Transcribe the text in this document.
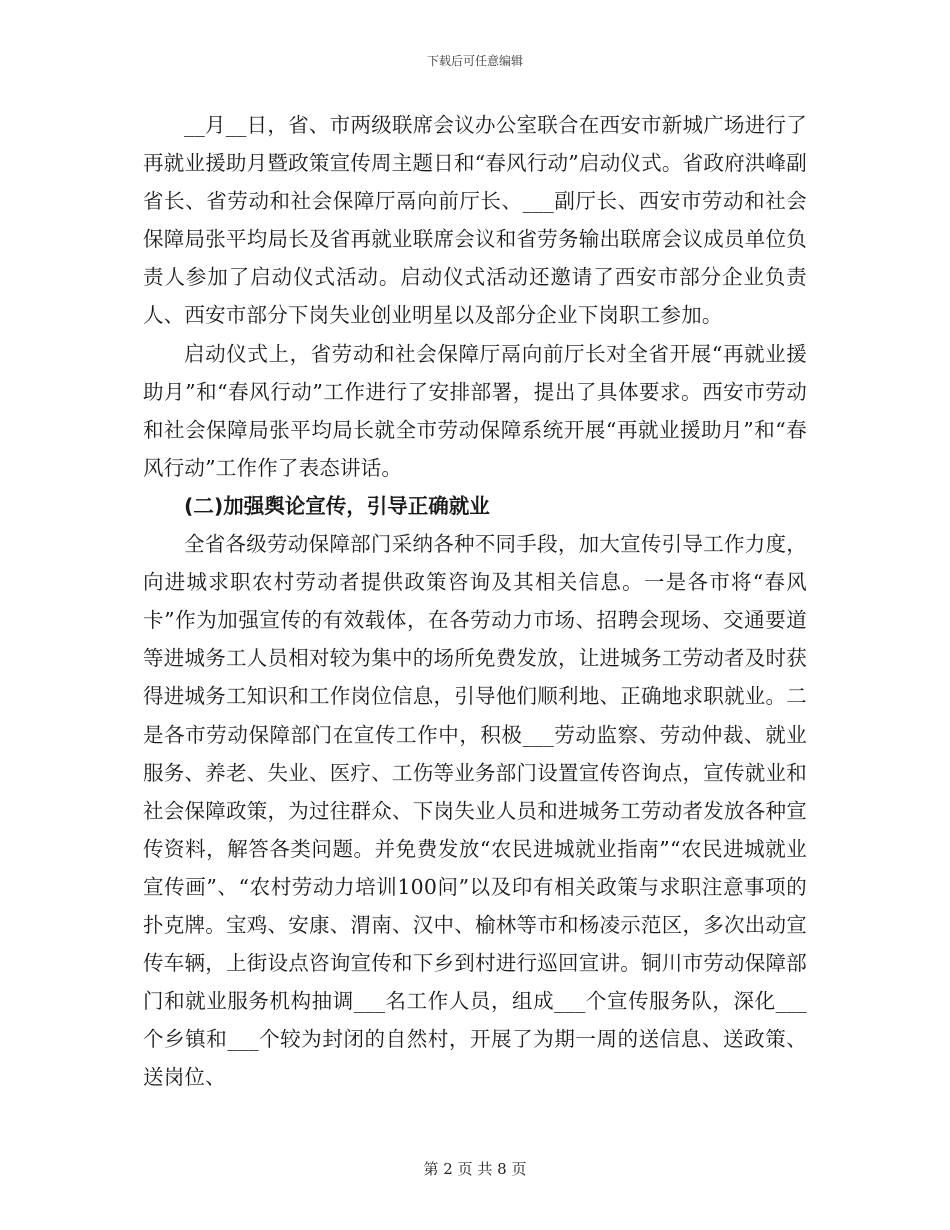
下载后可任意编辑

__月__日，省、市两级联席会议办公室联合在西安市新城广场进行了再就业援助月暨政策宣传周主题日和“春风行动”启动仪式。省政府洪峰副省长、省劳动和社会保障厅鬲向前厅长、___副厅长、西安市劳动和社会保障局张平均局长及省再就业联席会议和省劳务输出联席会议成员单位负责人参加了启动仪式活动。启动仪式活动还邀请了西安市部分企业负责人、西安市部分下岗失业创业明星以及部分企业下岗职工参加。

启动仪式上，省劳动和社会保障厅鬲向前厅长对全省开展“再就业援助月”和“春风行动”工作进行了安排部署，提出了具体要求。西安市劳动和社会保障局张平均局长就全市劳动保障系统开展“再就业援助月”和“春风行动”工作作了表态讲话。

(二)加强舆论宣传，引导正确就业

全省各级劳动保障部门采纳各种不同手段，加大宣传引导工作力度，向进城求职农村劳动者提供政策咨询及其相关信息。一是各市将“春风卡”作为加强宣传的有效载体，在各劳动力市场、招聘会现场、交通要道等进城务工人员相对较为集中的场所免费发放，让进城务工劳动者及时获得进城务工知识和工作岗位信息，引导他们顺利地、正确地求职就业。二是各市劳动保障部门在宣传工作中，积极___劳动监察、劳动仲裁、就业服务、养老、失业、医疗、工伤等业务部门设置宣传咨询点，宣传就业和社会保障政策，为过往群众、下岗失业人员和进城务工劳动者发放各种宣传资料，解答各类问题。并免费发放“农民进城就业指南”“农民进城就业宣传画”、“农村劳动力培训100问”以及印有相关政策与求职注意事项的扑克牌。宝鸡、安康、渭南、汉中、榆林等市和杨凌示范区，多次出动宣传车辆，上街设点咨询宣传和下乡到村进行巡回宣讲。铜川市劳动保障部门和就业服务机构抽调___名工作人员，组成___个宣传服务队，深化___个乡镇和___个较为封闭的自然村，开展了为期一周的送信息、送政策、送岗位、

第 2 页 共 8 页
